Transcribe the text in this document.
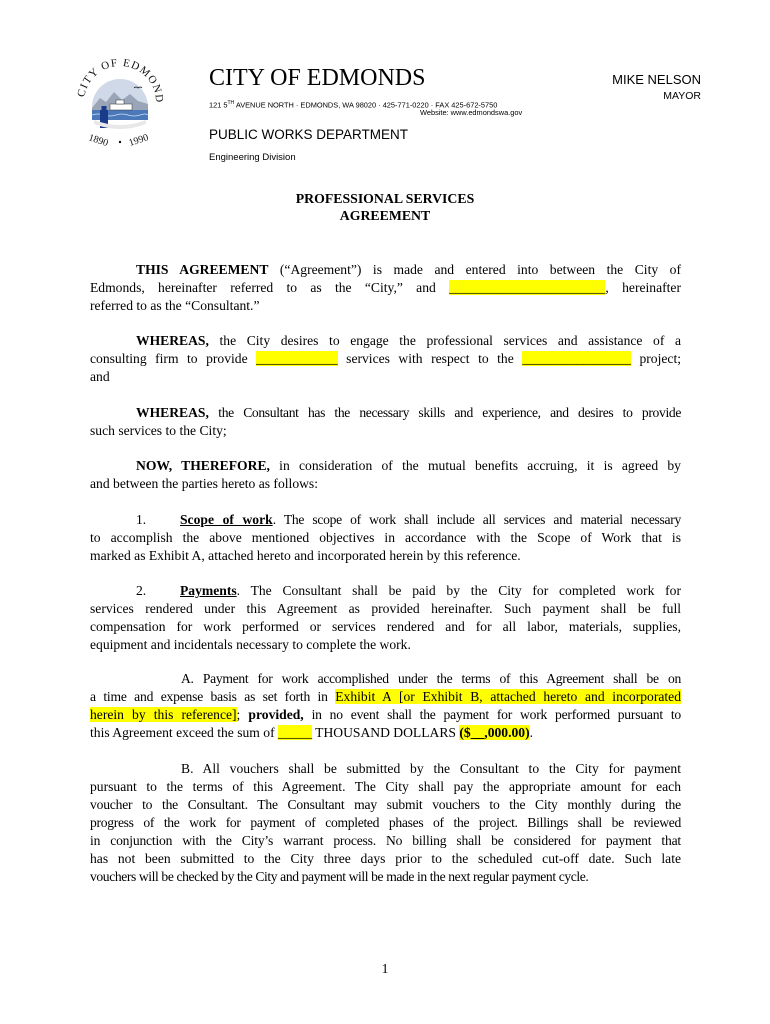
CITY OF EDMOND
1890 1990
CITY OF EDMONDS
121 5TH AVENUE NORTH · EDMONDS, WA 98020 · 425-771-0220 · FAX 425-672-5750
Website: www.edmondswa.gov
MIKE NELSON
MAYOR
PUBLIC WORKS DEPARTMENT
Engineering Division
PROFESSIONAL SERVICES
AGREEMENT
THIS AGREEMENT (“Agreement”) is made and entered into between the City of
Edmonds, hereinafter referred to as the “City,” and _______________________, hereinafter
referred to as the “Consultant.”
WHEREAS, the City desires to engage the professional services and assistance of a
consulting firm to provide ____________ services with respect to the ________________ project;
and
WHEREAS, the Consultant has the necessary skills and experience, and desires to provide
such services to the City;
NOW, THEREFORE, in consideration of the mutual benefits accruing, it is agreed by
and between the parties hereto as follows:
1. Scope of work. The scope of work shall include all services and material necessary
to accomplish the above mentioned objectives in accordance with the Scope of Work that is
marked as Exhibit A, attached hereto and incorporated herein by this reference.
2. Payments. The Consultant shall be paid by the City for completed work for
services rendered under this Agreement as provided hereinafter. Such payment shall be full
compensation for work performed or services rendered and for all labor, materials, supplies,
equipment and incidentals necessary to complete the work.
A. Payment for work accomplished under the terms of this Agreement shall be on
a time and expense basis as set forth in Exhibit A [or Exhibit B, attached hereto and incorporated
herein by this reference]; provided, in no event shall the payment for work performed pursuant to
this Agreement exceed the sum of _____ THOUSAND DOLLARS ($__,000.00).
B. All vouchers shall be submitted by the Consultant to the City for payment
pursuant to the terms of this Agreement. The City shall pay the appropriate amount for each
voucher to the Consultant. The Consultant may submit vouchers to the City monthly during the
progress of the work for payment of completed phases of the project. Billings shall be reviewed
in conjunction with the City’s warrant process. No billing shall be considered for payment that
has not been submitted to the City three days prior to the scheduled cut-off date. Such late
vouchers will be checked by the City and payment will be made in the next regular payment cycle.
1
